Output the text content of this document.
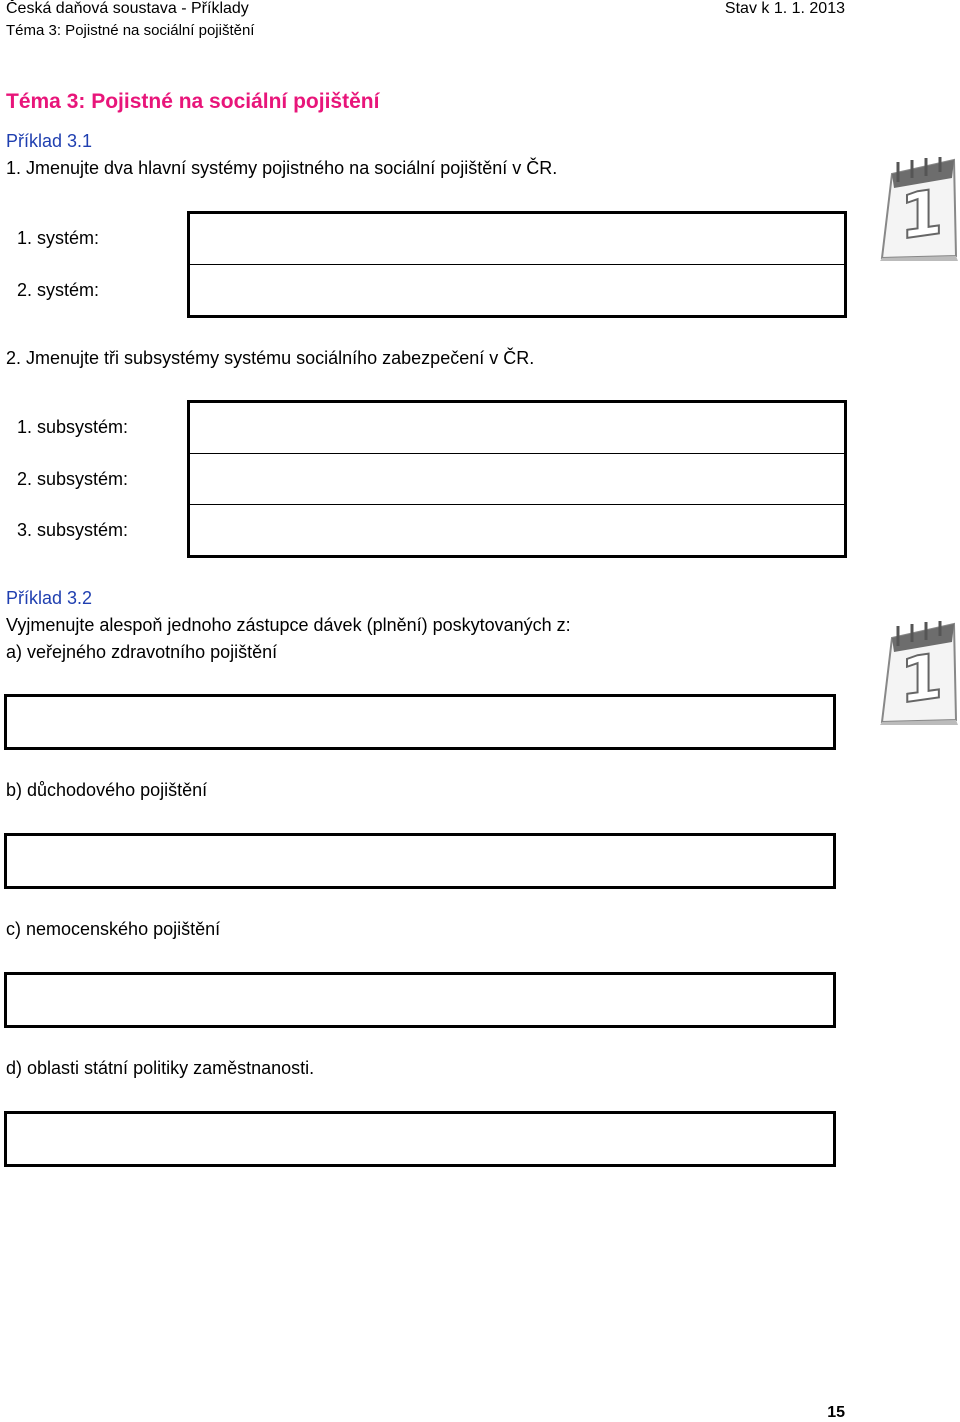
Česká daňová soustava - Příklady
Téma 3: Pojistné na sociální pojištění
Stav k 1. 1. 2013
Téma 3: Pojistné na sociální pojištění
Příklad 3.1
1. Jmenujte dva hlavní systémy pojistného na sociální pojištění v ČR.
1. systém:	
2. systém:	
2. Jmenujte tři subsystémy systému sociálního zabezpečení v ČR.
1. subsystém:	
2. subsystém:	
3. subsystém:	
1
Příklad 3.2
Vyjmenujte alespoň jednoho zástupce dávek (plnění) poskytovaných z:
a) veřejného zdravotního pojištění
b) důchodového pojištění
c) nemocenského pojištění
d) oblasti státní politiky zaměstnanosti.
1
15
